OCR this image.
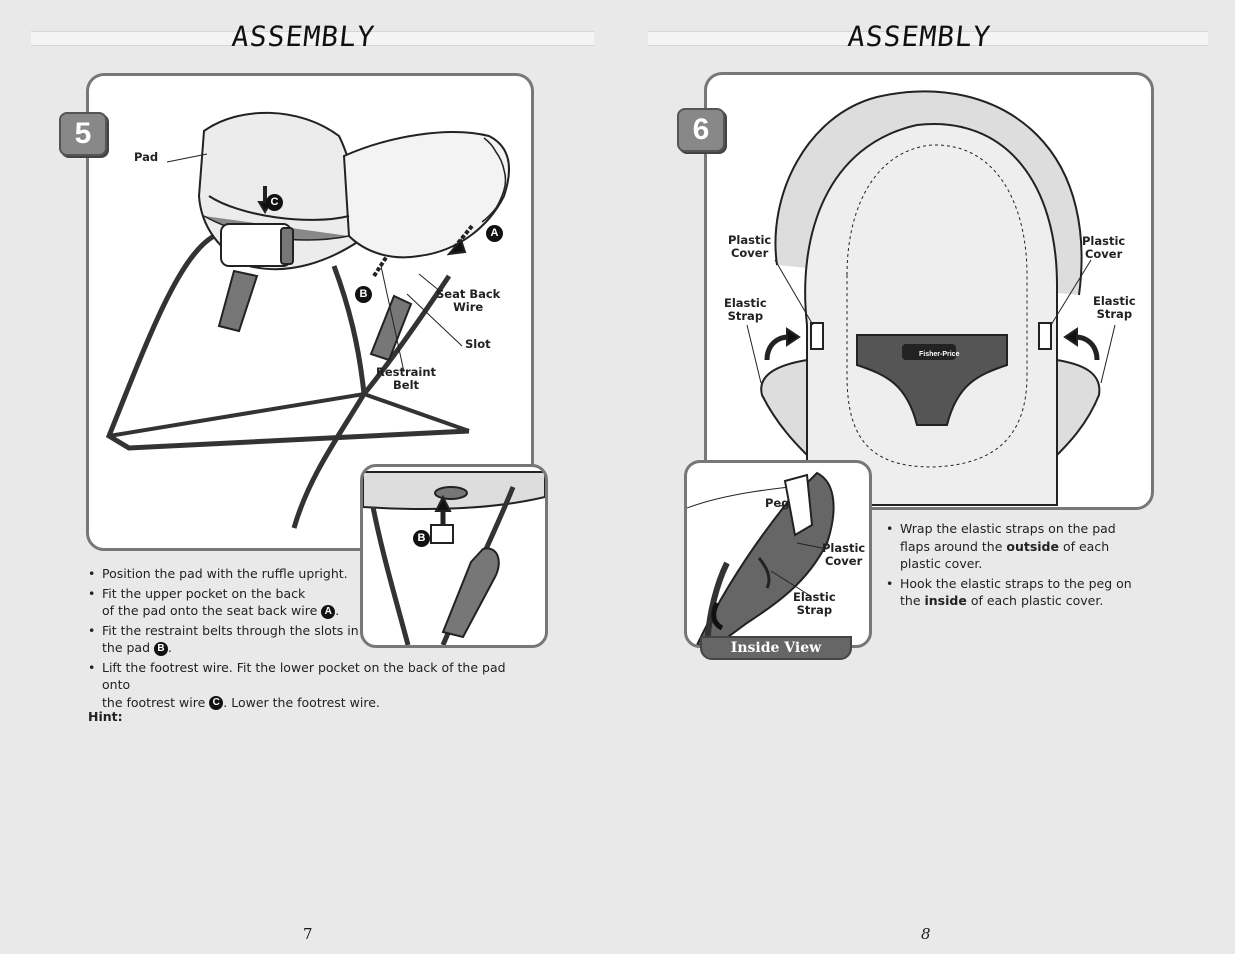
ASSEMBLY
5
Pad
Seat Back
Wire
Slot
Restraint
Belt
C
A
B
B
• Position the pad with the ruffle upright.
• Fit the upper pocket on the back
of the pad onto the seat back wire A .
• Fit the restraint belts through the slots in
the pad B .
• Lift the footrest wire. Fit the lower pocket on the back of the pad onto
the footrest wire C . Lower the footrest wire.
Hint:
7
ASSEMBLY
Fisher-Price
6
Plastic
Cover
Plastic
Cover
Elastic
Strap
Elastic
Strap
Peg
Plastic
Cover
Elastic
Strap
Inside View
• Wrap the elastic straps on the pad
flaps around the outside of each
plastic cover.
• Hook the elastic straps to the peg on
the inside of each plastic cover.
8
